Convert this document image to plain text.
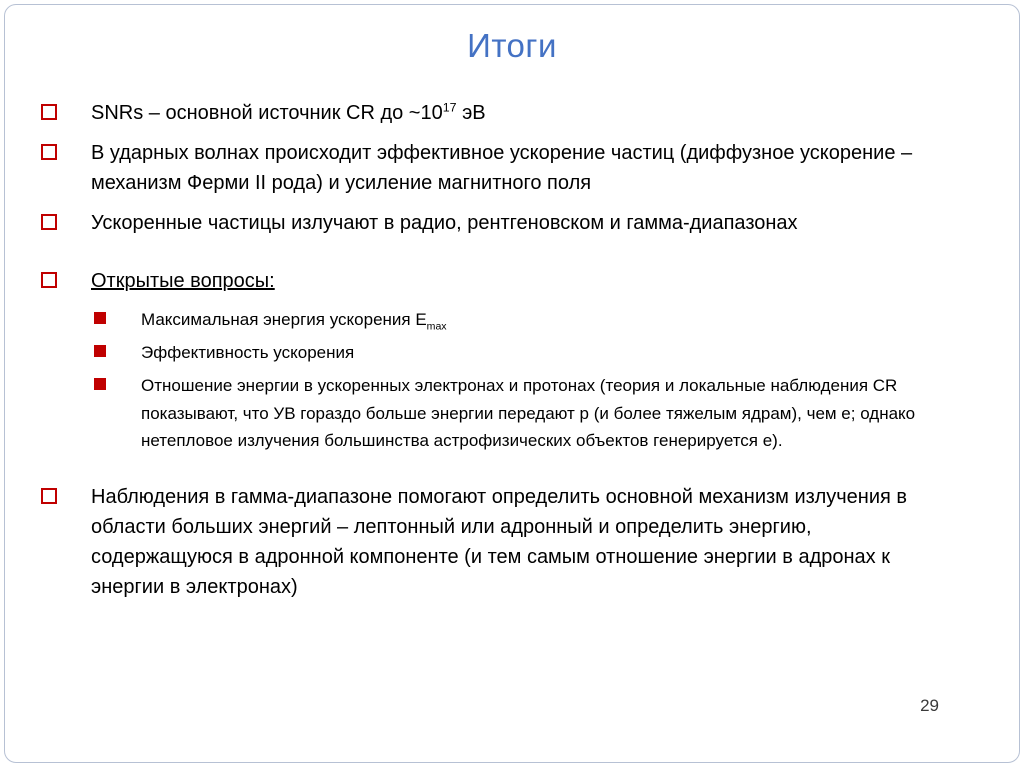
Итоги

SNRs – основной источник CR до $\sim 10^{17}$ эВ

В ударных волнах происходит эффективное ускорение частиц (диффузное ускорение – механизм Ферми II рода) и усиление магнитного поля

Ускоренные частицы излучают в радио, рентгеновском и гамма-диапазонах

Открытые вопросы:

Максимальная энергия ускорения $E_{max}$

Эффективность ускорения

Отношение энергии в ускоренных электронах и протонах (теория и локальные наблюдения CR показывают, что УВ гораздо больше энергии передают p (и более тяжелым ядрам), чем e; однако нетепловое излучения большинства астрофизических объектов генерируется e).

Наблюдения в гамма-диапазоне помогают определить основной механизм излучения в области больших энергий – лептонный или адронный и определить энергию, содержащуюся в адронной компоненте (и тем самым отношение энергии в адронах к энергии в электронах)

29
